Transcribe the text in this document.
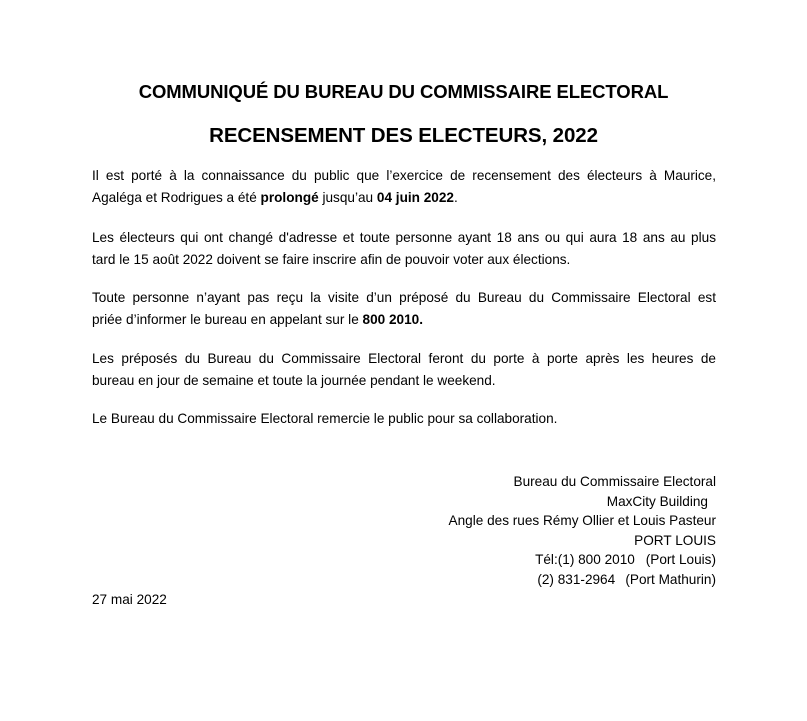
COMMUNIQUÉ DU BUREAU DU COMMISSAIRE ELECTORAL
RECENSEMENT DES ELECTEURS, 2022
Il est porté à la connaissance du public que l’exercice de recensement des électeurs à Maurice,
Agaléga et Rodrigues a été prolongé jusqu’au 04 juin 2022.
Les électeurs qui ont changé d'adresse et toute personne ayant 18 ans ou qui aura 18 ans au plus
tard le 15 août 2022 doivent se faire inscrire afin de pouvoir voter aux élections.
Toute personne n’ayant pas reçu la visite d’un préposé du Bureau du Commissaire Electoral est
priée d’informer le bureau en appelant sur le 800 2010.
Les préposés du Bureau du Commissaire Electoral feront du porte à porte après les heures de
bureau en jour de semaine et toute la journée pendant le weekend.
Le Bureau du Commissaire Electoral remercie le public pour sa collaboration.
Bureau du Commissaire Electoral
MaxCity Building
Angle des rues Rémy Ollier et Louis Pasteur
PORT LOUIS
Tél:(1) 800 2010 (Port Louis)
(2) 831-2964 (Port Mathurin)
27 mai 2022
